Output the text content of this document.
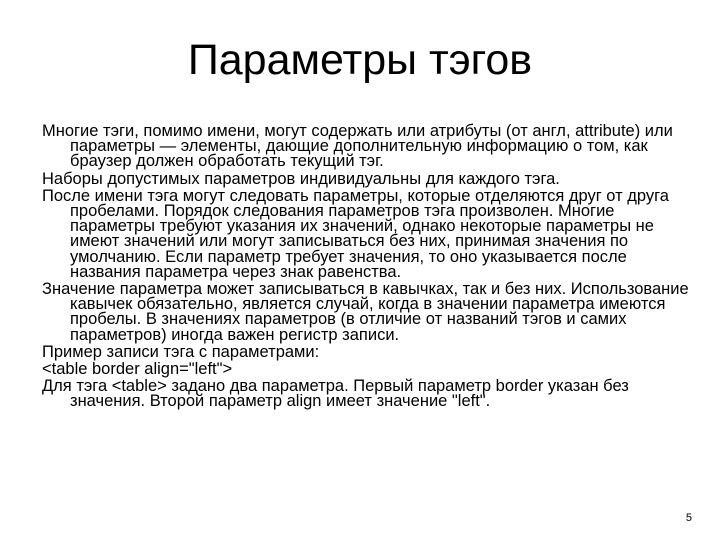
Параметры тэгов

Многие тэги, помимо имени, могут содержать или атрибуты (от англ, attribute) или параметры — элементы, дающие дополнительную информацию о том, как браузер должен обработать текущий тэг.

Наборы допустимых параметров индивидуальны для каждого тэга.

После имени тэга могут следовать параметры, которые отделяются друг от друга пробелами. Порядок следования параметров тэга произволен. Многие параметры требуют указания их значений, однако некоторые параметры не имеют значений или могут записываться без них, принимая значения по умолчанию. Если параметр требует значения, то оно указывается после названия параметра через знак равенства.

Значение параметра может записываться в кавычках, так и без них. Использование кавычек обязательно, является случай, когда в значении параметра имеются пробелы. В значениях параметров (в отличие от названий тэгов и самих параметров) иногда важен регистр записи.

Пример записи тэга с параметрами:

<table border align="left">

Для тэга <table> задано два параметра. Первый параметр border указан без значения. Второй параметр align имеет значение "left".

5
